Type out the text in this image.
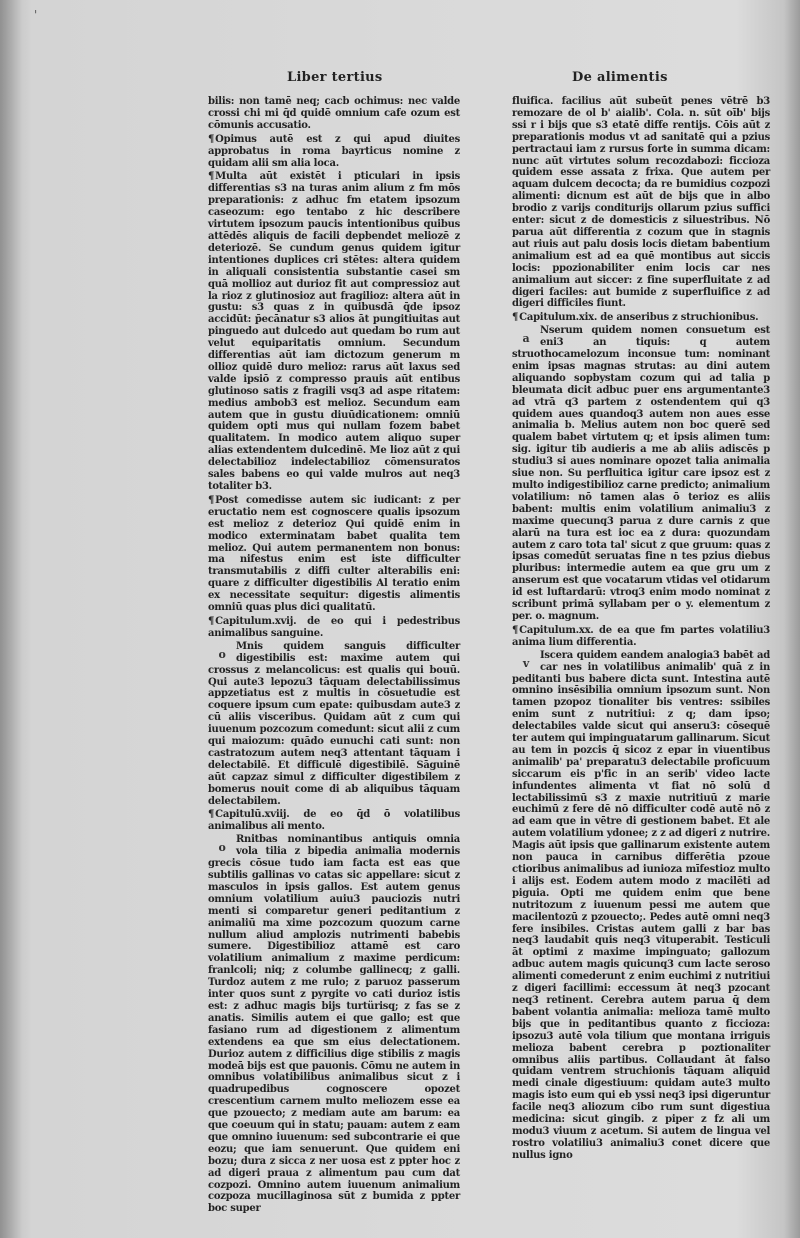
'
Liber tertius	De alimentis

bilis: non tamē neq; cacb ochimus: nec valde crossi chi mi q̄d quidē omnium cafe ozum est cōmunis accusatio.

¶ Opimus autē est z qui apud diuites approbatus in roma bayrticus nomine z quidam alii sm alia loca.

¶ Multa aūt existēt i pticulari in ipsis differentias s3 na turas anim alium z fm mōs preparationis: z adhuc fm etatem ipsozum caseozum: ego tentabo z hic describere virtutem ipsozum paucis intentionibus quibus attēdēs aliquis de facili depbendet meliozē z deteriozē. Se cundum genus quidem igitur intentiones duplices cri stētes: altera quidem in aliquali consistentia substantie casei sm quā mollioz aut durioz fit aut compressioz aut la rioz z glutinosioz aut fragilioz: altera aūt in gustu: s3 quas z in quibusdā q̄de ipsoz accidūt: p̄ecānatur s3 alios āt pungitiuitas aut pinguedo aut dulcedo aut quedam bo rum aut velut equiparitatis omnium. Secundum differentias aūt iam dictozum generum m ollioz quidē duro melioz: rarus aūt laxus sed valde ipsiō z compresso prauis aūt entibus glutinoso satis z fragili vsq3 ad aspe ritatem: medius ambob3 est melioz. Secundum eam autem que in gustu diuūdicationem: omniū quidem opti mus qui nullam fozem babet qualitatem. In modico autem aliquo super alias extendentem dulcedinē. Me lioz aūt z qui delectabilioz indelectabilioz cōmensuratos sales babens eo qui valde mulros aut neq3 totaliter b3.

¶ Post comedisse autem sic iudicant: z per eructatio nem est cognoscere qualis ipsozum est melioz z deterioz Qui quidē enim in modico exterminatam babet qualita tem melioz. Qui autem permanentem non bonus: ma nifestus enim est iste difficulter transmutabilis z diffi culter alterabilis eni: quare z difficulter digestibilis Al teratio enim ex necessitate sequitur: digestis alimentis omniū quas plus dici qualitatū.

¶ Capitulum.xvij. de eo qui i pedestribus animalibus sanguine.

o
Mnis quidem sanguis difficulter digestibilis est: maxime autem qui crossus z melancolicus: est qualis qui bouū. Qui aute3 lepozu3 tāquam delectabilissimus appzetiatus est z multis in cōsuetudie est coquere ipsum cum epate: quibusdam aute3 z cū aliis visceribus. Quidam aūt z cum qui iuuenum pozcozum comedunt: sicut alii z cum qui maiozum: quādo eunuchi cati sunt: non castratozum autem neq3 attentant tāquam i delectabilē. Et difficulē digestibilē. Sāguinē aūt capzaz simul z difficulter digestibilem z bomerus nouit come di ab aliquibus tāquam delectabilem.

¶ Capitulū.xviij. de eo q̄d ō volatilibus animalibus ali mento.

o
Rnitbas nominantibus antiquis omnia vola tilia z bipedia animalia modernis grecis cōsue tudo iam facta est eas que subtilis gallinas vo catas sic appellare: sicut z masculos in ipsis gallos. Est autem genus omnium volatilium auiu3 pauciozis nutri menti si comparetur generi peditantium z animaliū ma xime pozcozum quozum carne nullum aliud amplozis nutrimenti babebis sumere. Digestibilioz attamē est caro volatilium animalium z maxime perdicum: franlcoli; niq; z columbe gallinecq; z galli. Turdoz autem z me rulo; z paruoz passerum inter quos sunt z pyrgite vo cati durioz istis est: z adhuc magis bijs turtürisq; z fas se z anatis. Similis autem ei que gallo; est que fasiano rum ad digestionem z alimentum extendens ea que sm eius delectationem. Durioz autem z difficilius dige stibilis z magis modeā bijs est que pauonis. Cōmu ne autem in omnibus volatibilibus animalibus sicut z i quadrupedibus cognoscere opozet crescentium carnem multo meliozem esse ea que pzouecto; z mediam aute am barum: ea que coeuum qui in statu; pauam: autem z eam que omnino iuuenum: sed subcontrarie ei que eozu; que iam senuerunt. Que quidem eni bozu; dura z sicca z ner uosa est z ppter hoc z ad digeri praua z alimentum pau cum dat cozpozi. Omnino autem iuuenum animalium cozpoza mucillaginosa sūt z bumida z ppter boc super

fluifica. facilius aūt subeūt penes vētrē b3 remozare de ol b' aialib'. Cola. n. sūt oīb' bijs ssi r i bijs que s3 etatē diffe rentijs. Cōis aūt z preparationis modus vt ad sanitatē qui a pzius pertractaui iam z rursus forte in summa dicam: nunc aūt virtutes solum recozdabozi: ficcioza quidem esse assata z frixa. Que autem per aquam dulcem decocta; da re bumidius cozpozi alimenti: dicnum est aūt de bijs que in albo brodio z varijs conditurijs ollarum pzius suffici enter: sicut z de domesticis z siluestribus. Nō parua aūt differentia z cozum que in stagnis aut riuis aut palu dosis locis dietam babentium animalium est ad ea quē montibus aut siccis locis: ppozionabiliter enim locis car nes animalium aut siccer: z fine superfluitate z ad digeri faciles: aut bumide z superfluifice z ad digeri difficiles fiunt.

¶ Capitulum.xix. de anseribus z struchionibus.

a
Nserum quidem nomen consuetum est eni3 an tiquis: q autem struothocamelozum inconsue tum: nominant enim ipsas magnas strutas: au dini autem aliquando sopbystam cozum qui ad talia p bleumata dicit adbuc puer ens argumentante3 ad vtrā q3 partem z ostendentem qui q3 quidem aues quandoq3 autem non aues esse animalia b. Melius autem non boc querē sed qualem babet virtutem q; et ipsis alimen tum: sig. igitur tib audieris a me ab aliis adiscēs p studiu3 si aues nominare opozet talia animalia siue non. Su perfluitica igitur care ipsoz est z multo indigestibilioz carne predicto; animalium volatilium: nō tamen alas ō terioz es aliis babent: multis enim volatilium animaliu3 z maxime quecunq3 parua z dure carnis z que alarū na tura est ioc ea z dura: quozundam autem z caro tota tal' sicut z que gruum: quas z ipsas comedūt seruatas fine n tes pzius diebus pluribus: intermedie autem ea que gru um z anserum est que vocatarum vtidas vel otidarum id est luftardarū: vtroq3 enim modo nominat z scribunt primā syllabam per o y. elementum z per. o. magnum.

¶ Capitulum.xx. de ea que fm partes volatiliu3 anima lium differentia.

v
Iscera quidem eandem analogia3 babēt ad car nes in volatilibus animalib' quā z in peditanti bus babere dicta sunt. Intestina autē omnino insēsibilia omnium ipsozum sunt. Non tamen pzopoz tionaliter bis ventres: ssibiles enim sunt z nutritiui: z q; dam ipso; delectabiles valde sicut qui anseru3: cōsequē ter autem qui impinguatarum gallinarum. Sicut au tem in pozcis q̄ sicoz z epar in viuentibus animalib' pa' preparatu3 delectabile proficuum siccarum eis p'fic in an serib' video lacte infundentes alimenta vt fiat nō solū d lectabilissimū s3 z maxie nutritiuū z marie euchimū z fere dē nō difficulter codē autē nō z ad eam que in vētre di gestionem babet. Et ale autem volatilium ydonee; z z ad digeri z nutrire. Magis aūt ipsis que gallinarum existente autem non pauca in carnibus differētia pzoue ctioribus animalibus ad iunioza mīfestioz multo i alijs est. Eodem autem modo z macilēti ad piguia. Opti me quidem enim que bene nutritozum z iuuenum pessi me autem que macilentozū z pzouecto;. Pedes autē omni neq3 fere insibiles. Cristas autem galli z bar bas neq3 laudabit quis neq3 vituperabit. Testiculi āt optimi z maxime impinguato; gallozum adbuc autem magis quicunq3 cum lacte seroso alimenti comederunt z enim euchimi z nutritiui z digeri facillimi: eccessum āt neq3 pzocant neq3 retinent. Cerebra autem parua q̄ dem babent volantia animalia: melioza tamē multo bijs que in peditantibus quanto z ficcioza: ipsozu3 autē vola tilium que montana irriguis melioza babent cerebra p poztionaliter omnibus aliis partibus. Collaudant āt falso quidam ventrem struchionis tāquam aliquid medi cinale digestiuum: quidam aute3 multo magis isto eum qui eb yssi neq3 ipsi digeruntur facile neq3 aliozum cibo rum sunt digestiua medicina: sicut gingib. z piper z fz ali um modu3 viuum z acetum. Si autem de lingua vel rostro volatiliu3 animaliu3 conet dicere que nullus igno
